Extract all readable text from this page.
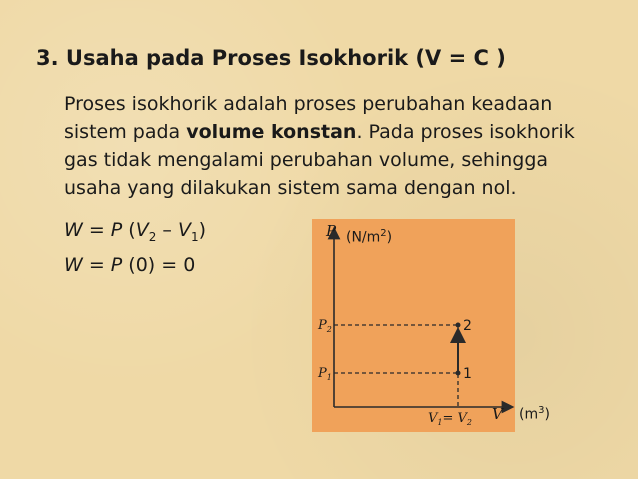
3. Usaha pada Proses Isokhorik (V = C )
Proses isokhorik adalah proses perubahan keadaan sistem pada volume konstan. Pada proses isokhorik gas tidak mengalami perubahan volume, sehingga usaha yang dilakukan sistem sama dengan nol.
W = P $(V_2 - V_1)$
W = P (0) = 0
P
V
$P_2$
$P_1$
2
1
$V_1= V_2$
$(N/m^2)$
$(m^3)$
